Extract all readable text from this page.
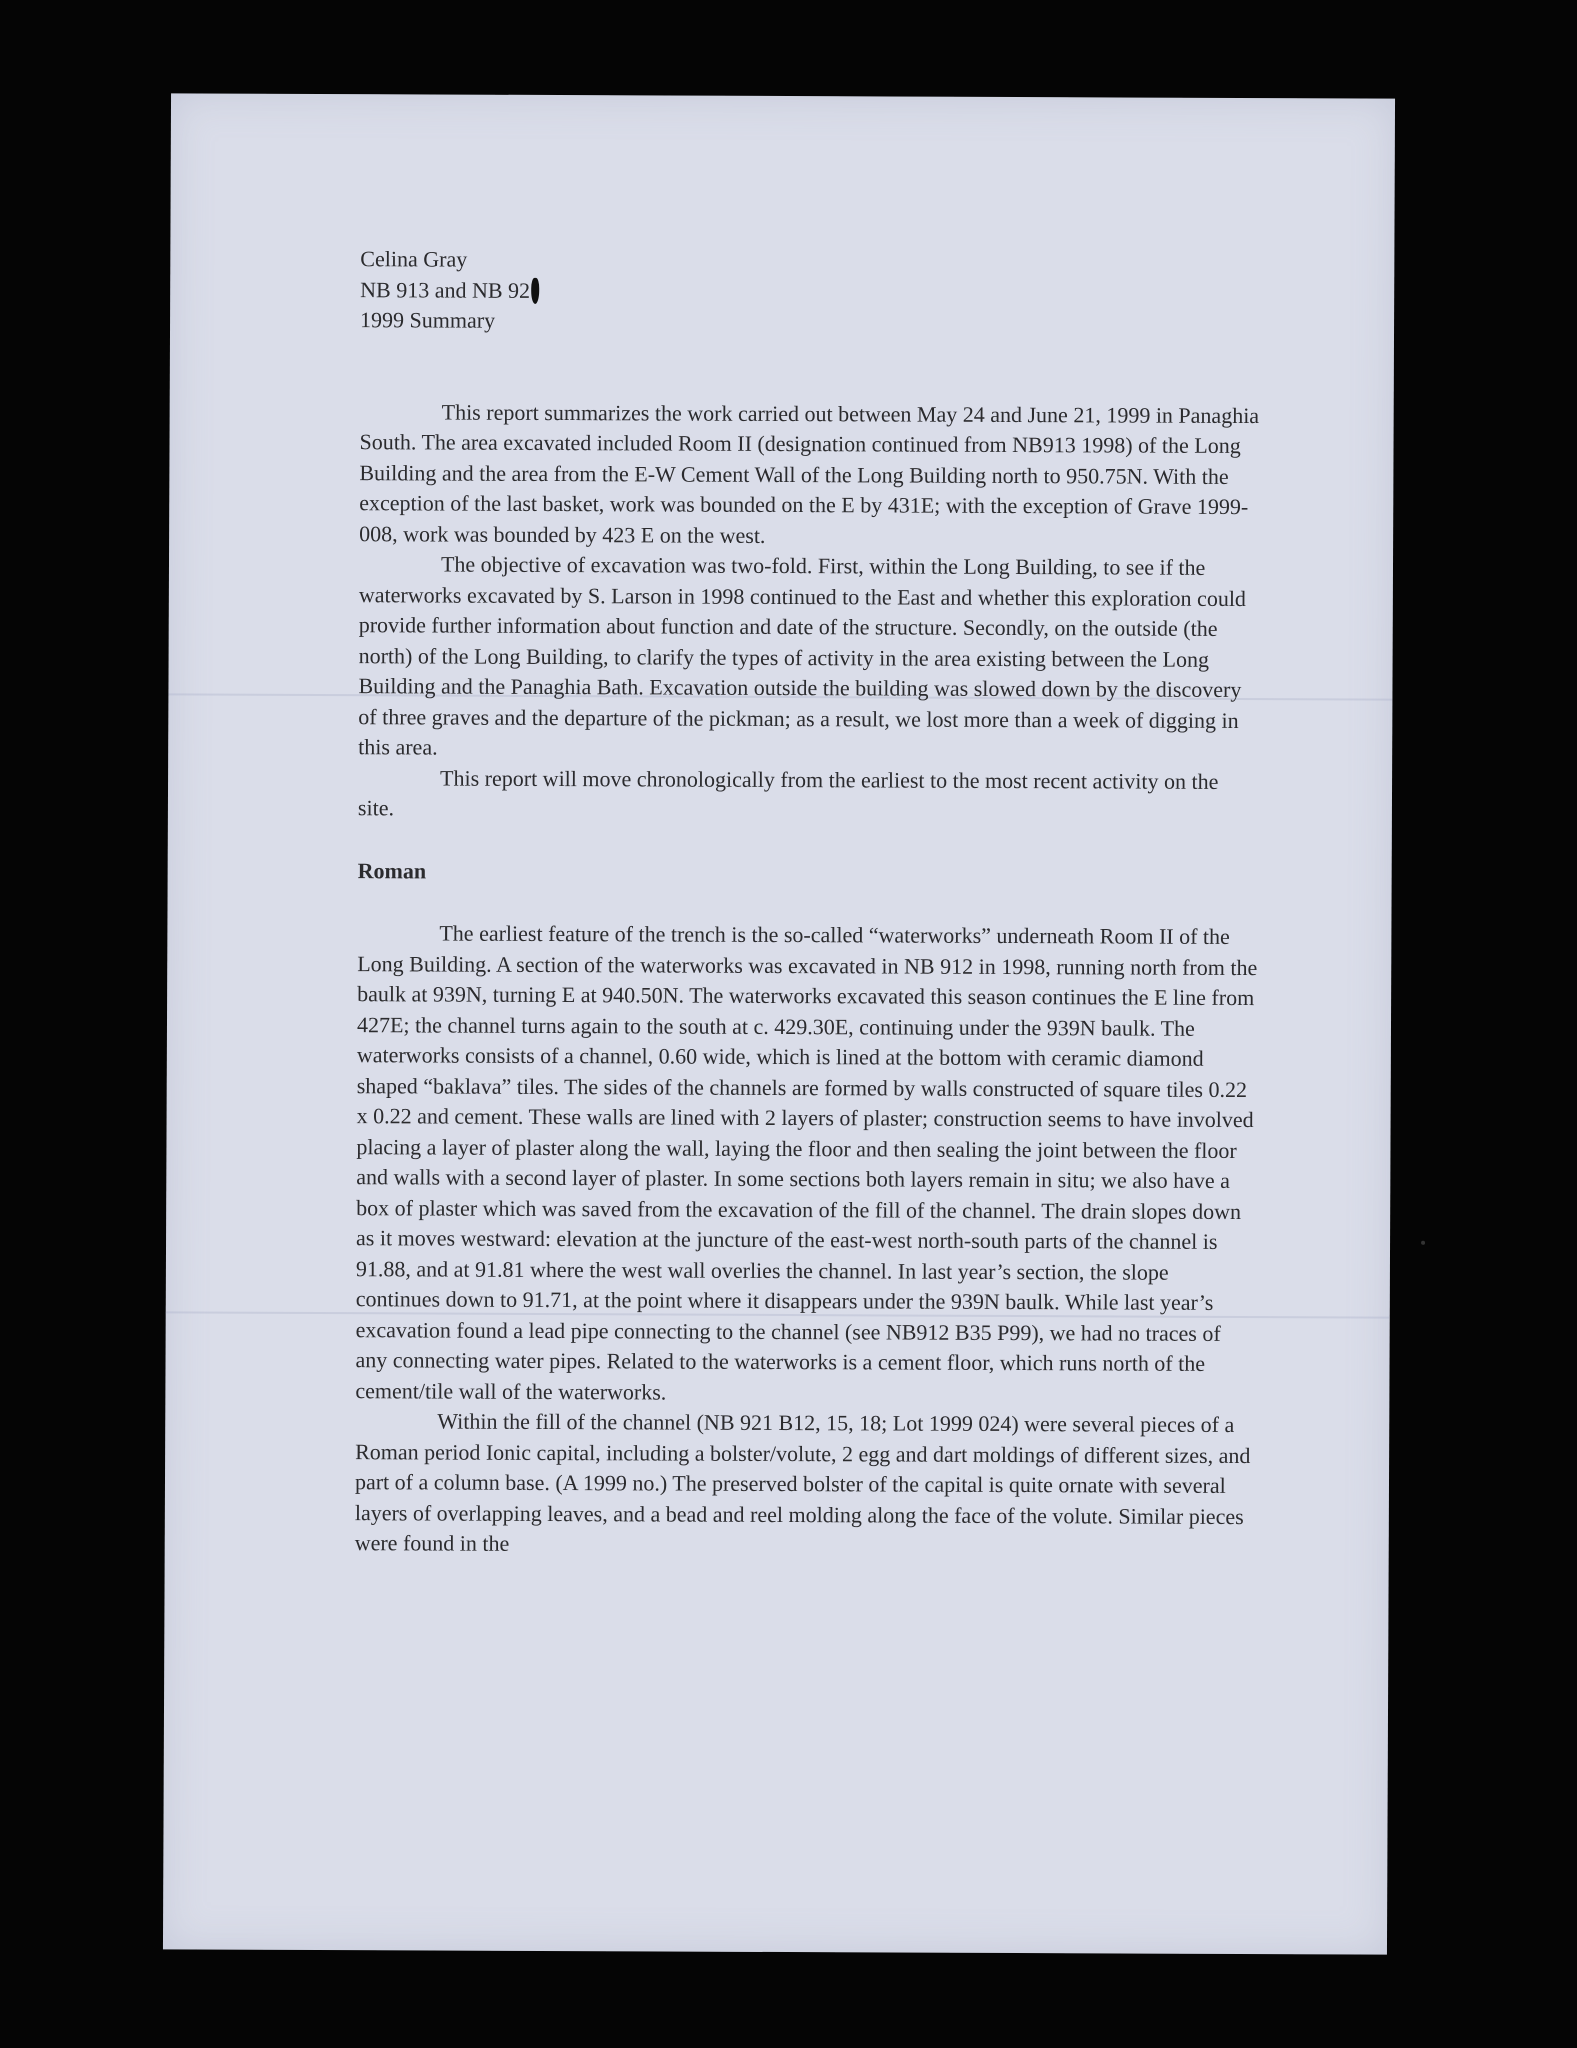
Celina Gray
NB 913 and NB 92
1999 Summary

This report summarizes the work carried out between May 24 and June 21, 1999 in Panaghia South. The area excavated included Room II (designation continued from NB913 1998) of the Long Building and the area from the E-W Cement Wall of the Long Building north to 950.75N. With the exception of the last basket, work was bounded on the E by 431E; with the exception of Grave 1999-008, work was bounded by 423 E on the west.

The objective of excavation was two-fold. First, within the Long Building, to see if the waterworks excavated by S. Larson in 1998 continued to the East and whether this exploration could provide further information about function and date of the structure. Secondly, on the outside (the north) of the Long Building, to clarify the types of activity in the area existing between the Long Building and the Panaghia Bath. Excavation outside the building was slowed down by the discovery of three graves and the departure of the pickman; as a result, we lost more than a week of digging in this area.

This report will move chronologically from the earliest to the most recent activity on the site.

Roman

The earliest feature of the trench is the so-called “waterworks” underneath Room II of the Long Building. A section of the waterworks was excavated in NB 912 in 1998, running north from the baulk at 939N, turning E at 940.50N. The waterworks excavated this season continues the E line from 427E; the channel turns again to the south at c. 429.30E, continuing under the 939N baulk. The waterworks consists of a channel, 0.60 wide, which is lined at the bottom with ceramic diamond shaped “baklava” tiles. The sides of the channels are formed by walls constructed of square tiles 0.22 x 0.22 and cement. These walls are lined with 2 layers of plaster; construction seems to have involved placing a layer of plaster along the wall, laying the floor and then sealing the joint between the floor and walls with a second layer of plaster. In some sections both layers remain in situ; we also have a box of plaster which was saved from the excavation of the fill of the channel. The drain slopes down as it moves westward: elevation at the juncture of the east-west north-south parts of the channel is 91.88, and at 91.81 where the west wall overlies the channel. In last year’s section, the slope continues down to 91.71, at the point where it disappears under the 939N baulk. While last year’s excavation found a lead pipe connecting to the channel (see NB912 B35 P99), we had no traces of any connecting water pipes. Related to the waterworks is a cement floor, which runs north of the cement/tile wall of the waterworks.

Within the fill of the channel (NB 921 B12, 15, 18; Lot 1999 024) were several pieces of a Roman period Ionic capital, including a bolster/volute, 2 egg and dart moldings of different sizes, and part of a column base. (A 1999 no.) The preserved bolster of the capital is quite ornate with several layers of overlapping leaves, and a bead and reel molding along the face of the volute. Similar pieces were found in the
